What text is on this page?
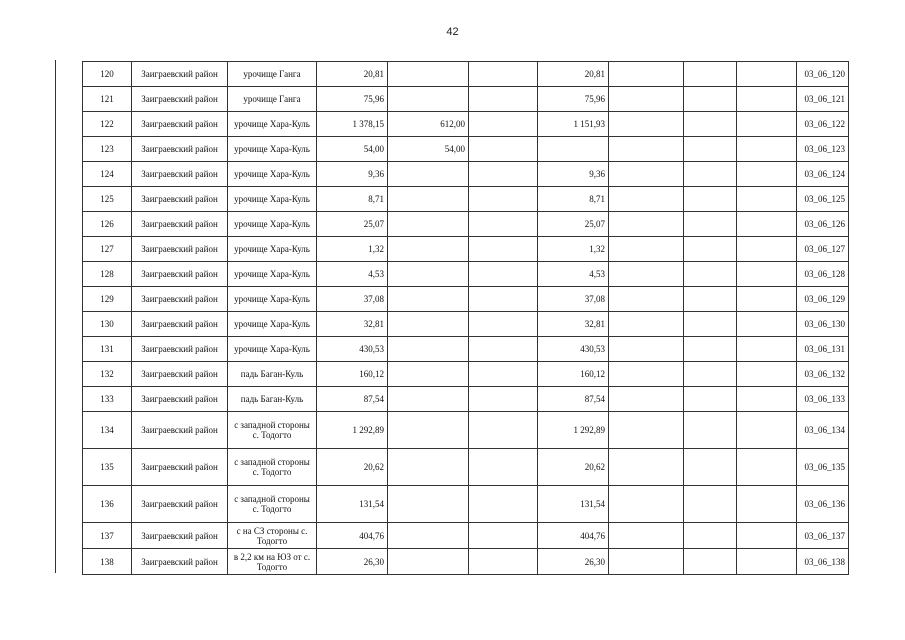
42
120	Заиграевский район	урочище Ганга	20,81			20,81				03_06_120
121	Заиграевский район	урочище Ганга	75,96			75,96				03_06_121
122	Заиграевский район	урочище Хара-Куль	1 378,15	612,00		1 151,93				03_06_122
123	Заиграевский район	урочище Хара-Куль	54,00	54,00						03_06_123
124	Заиграевский район	урочище Хара-Куль	9,36			9,36				03_06_124
125	Заиграевский район	урочище Хара-Куль	8,71			8,71				03_06_125
126	Заиграевский район	урочище Хара-Куль	25,07			25,07				03_06_126
127	Заиграевский район	урочище Хара-Куль	1,32			1,32				03_06_127
128	Заиграевский район	урочище Хара-Куль	4,53			4,53				03_06_128
129	Заиграевский район	урочище Хара-Куль	37,08			37,08				03_06_129
130	Заиграевский район	урочище Хара-Куль	32,81			32,81				03_06_130
131	Заиграевский район	урочище Хара-Куль	430,53			430,53				03_06_131
132	Заиграевский район	падь Баган-Куль	160,12			160,12				03_06_132
133	Заиграевский район	падь Баган-Куль	87,54			87,54				03_06_133
134	Заиграевский район	с западной стороны с. Тодогто	1 292,89			1 292,89				03_06_134
135	Заиграевский район	с западной стороны с. Тодогто	20,62			20,62				03_06_135
136	Заиграевский район	с западной стороны с. Тодогто	131,54			131,54				03_06_136
137	Заиграевский район	с на СЗ стороны с. Тодогто	404,76			404,76				03_06_137
138	Заиграевский район	в 2,2 км на ЮЗ от с. Тодогто	26,30			26,30				03_06_138
